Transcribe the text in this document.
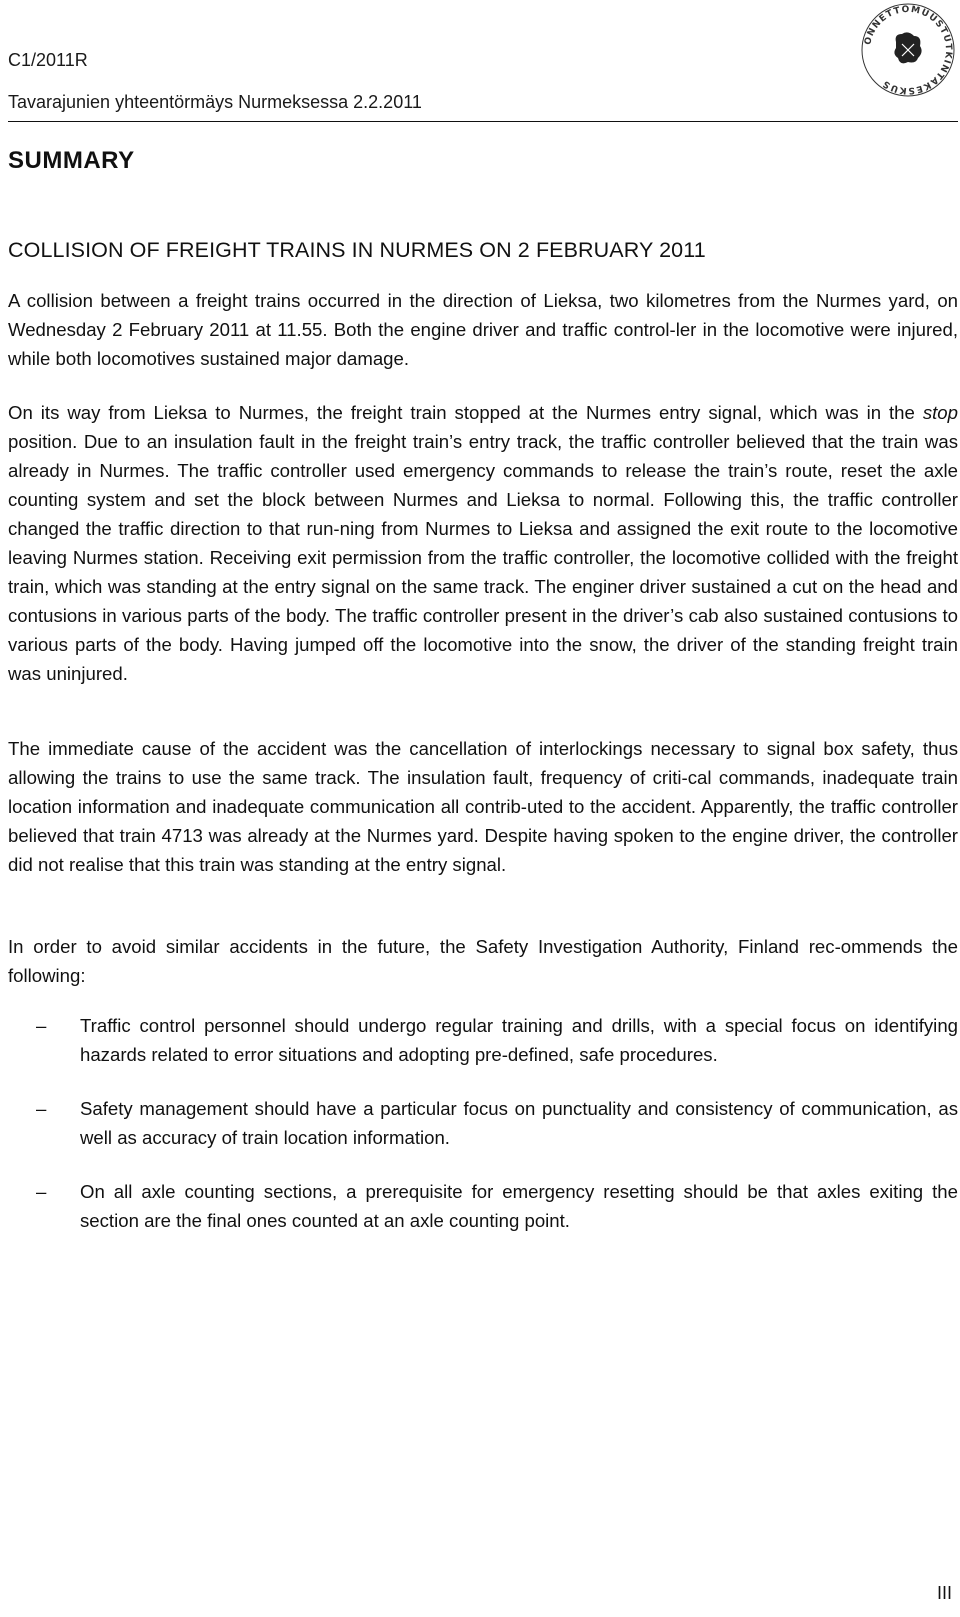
C1/2011R
Tavarajunien yhteentörmäys Nurmeksessa 2.2.2011
ONNETTOMUUSTUTKINTAKESKUS
SUMMARY
COLLISION OF FREIGHT TRAINS IN NURMES ON 2 FEBRUARY 2011

A collision between a freight trains occurred in the direction of Lieksa, two kilometres from the Nurmes yard, on Wednesday 2 February 2011 at 11.55. Both the engine driver and traffic control-ler in the locomotive were injured, while both locomotives sustained major damage.

On its way from Lieksa to Nurmes, the freight train stopped at the Nurmes entry signal, which was in the stop position. Due to an insulation fault in the freight train’s entry track, the traffic controller believed that the train was already in Nurmes. The traffic controller used emergency commands to release the train’s route, reset the axle counting system and set the block between Nurmes and Lieksa to normal. Following this, the traffic controller changed the traffic direction to that run-ning from Nurmes to Lieksa and assigned the exit route to the locomotive leaving Nurmes station. Receiving exit permission from the traffic controller, the locomotive collided with the freight train, which was standing at the entry signal on the same track. The enginer driver sustained a cut on the head and contusions in various parts of the body. The traffic controller present in the driver’s cab also sustained contusions to various parts of the body. Having jumped off the locomotive into the snow, the driver of the standing freight train was uninjured.

The immediate cause of the accident was the cancellation of interlockings necessary to signal box safety, thus allowing the trains to use the same track. The insulation fault, frequency of criti-cal commands, inadequate train location information and inadequate communication all contrib-uted to the accident. Apparently, the traffic controller believed that train 4713 was already at the Nurmes yard. Despite having spoken to the engine driver, the controller did not realise that this train was standing at the entry signal.

In order to avoid similar accidents in the future, the Safety Investigation Authority, Finland rec-ommends the following:

–	Traffic control personnel should undergo regular training and drills, with a special focus on identifying hazards related to error situations and adopting pre-defined, safe procedures.
–	Safety management should have a particular focus on punctuality and consistency of communication, as well as accuracy of train location information.
–	On all axle counting sections, a prerequisite for emergency resetting should be that axles exiting the section are the final ones counted at an axle counting point.
III
